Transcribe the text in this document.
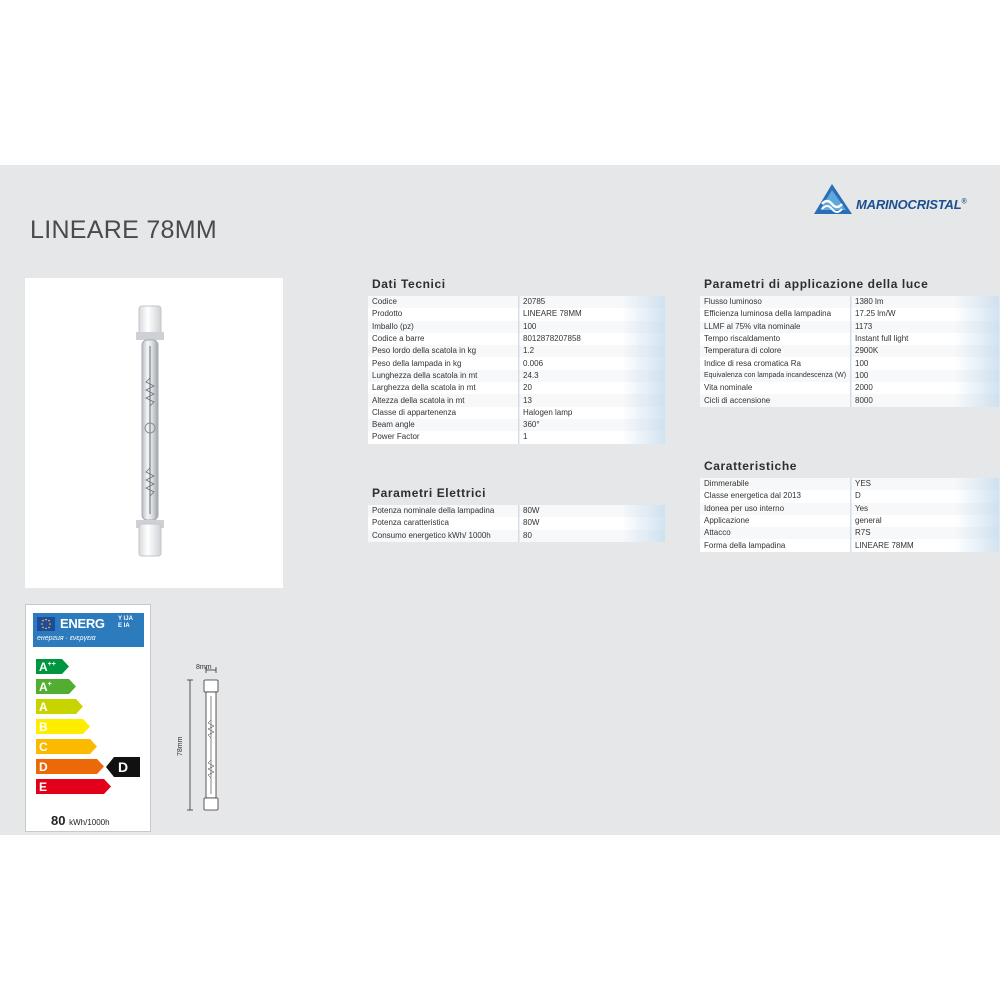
MARINOCRISTAL®
LINEARE 78MM
Dati Tecnici
Codice	20785
Prodotto	LINEARE 78MM
Imballo (pz)	100
Codice a barre	8012878207858
Peso lordo della scatola in kg	1.2
Peso della lampada in kg	0.006
Lunghezza della scatola in mt	24.3
Larghezza della scatola in mt	20
Altezza della scatola in mt	13
Classe di appartenenza	Halogen lamp
Beam angle	360°
Power Factor	1
Parametri Elettrici
Potenza nominale della lampadina	80W
Potenza caratteristica	80W
Consumo energetico kWh/ 1000h	80
Parametri di applicazione della luce
Flusso luminoso	1380 lm
Efficienza luminosa della lampadina	17.25 lm/W
LLMF al 75% vita nominale	1173
Tempo riscaldamento	Instant full light
Temperatura di colore	2900K
Indice di resa cromatica Ra	100
Equivalenza con lampada incandescenza (W)	100
Vita nominale	2000
Cicli di accensione	8000
Caratteristiche
Dimmerabile	YES
Classe energetica dal 2013	D
Idonea per uso interno	Yes
Applicazione	general
Attacco	R7S
Forma della lampadina	LINEARE 78MM
ENERG Y IJA
E IA
енергия · ενεργεια
A++
A+
A
B
C
D
E
D
80 kWh/1000h
8mm
78mm
